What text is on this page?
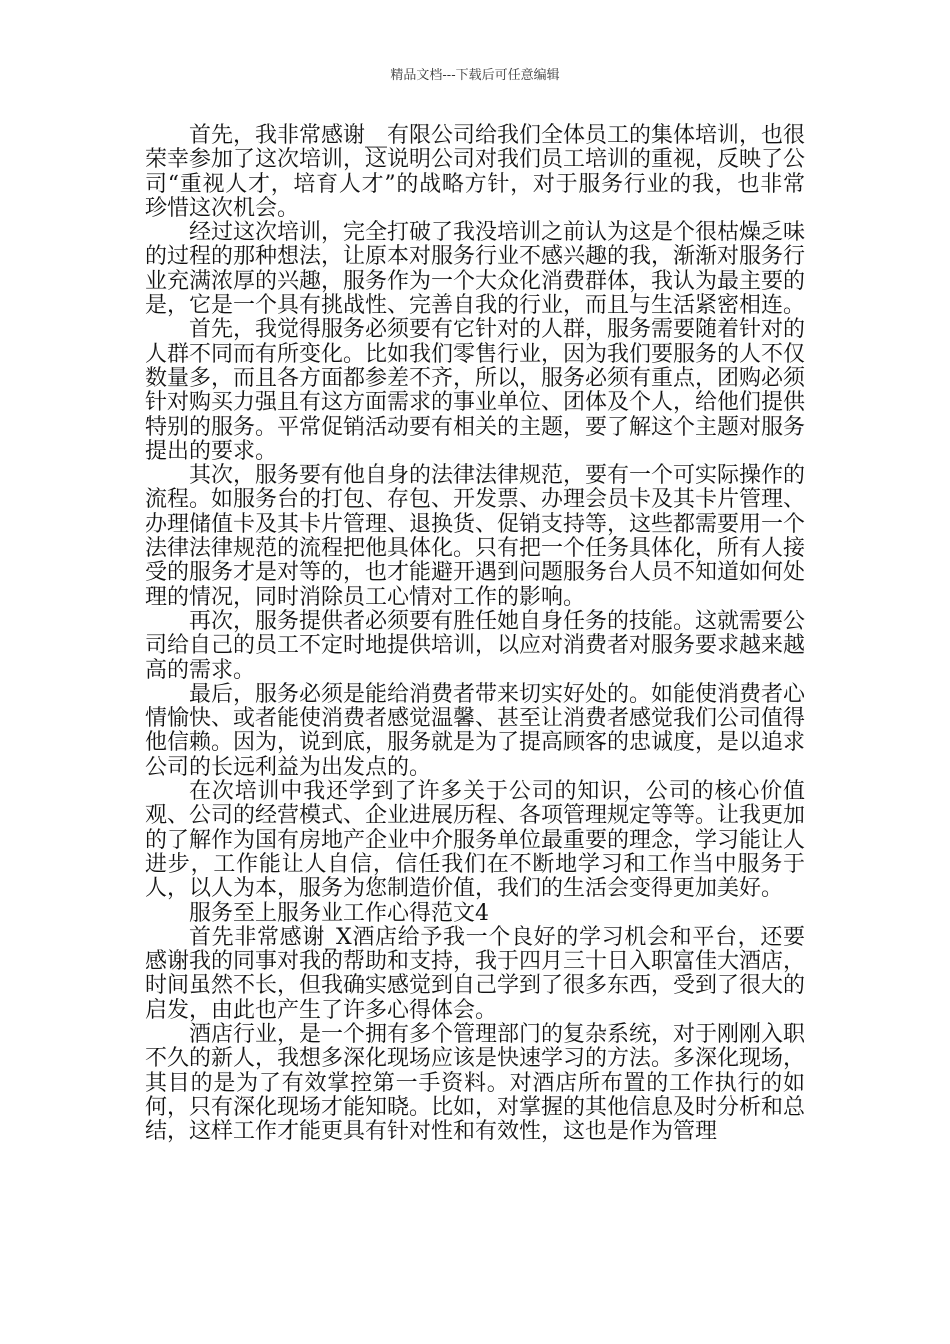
精品文档---下载后可任意编辑

首先，我非常感谢__有限公司给我们全体员工的集体培训，也很荣幸参加了这次培训，这说明公司对我们员工培训的重视，反映了公司“重视人才，培育人才”的战略方针，对于服务行业的我，也非常珍惜这次机会。

经过这次培训，完全打破了我没培训之前认为这是个很枯燥乏味的过程的那种想法，让原本对服务行业不感兴趣的我，渐渐对服务行业充满浓厚的兴趣，服务作为一个大众化消费群体，我认为最主要的是，它是一个具有挑战性、完善自我的行业，而且与生活紧密相连。

首先，我觉得服务必须要有它针对的人群，服务需要随着针对的人群不同而有所变化。比如我们零售行业，因为我们要服务的人不仅数量多，而且各方面都参差不齐，所以，服务必须有重点，团购必须针对购买力强且有这方面需求的事业单位、团体及个人，给他们提供特别的服务。平常促销活动要有相关的主题，要了解这个主题对服务提出的要求。

其次，服务要有他自身的法律法律规范，要有一个可实际操作的流程。如服务台的打包、存包、开发票、办理会员卡及其卡片管理、办理储值卡及其卡片管理、退换货、促销支持等，这些都需要用一个法律法律规范的流程把他具体化。只有把一个任务具体化，所有人接受的服务才是对等的，也才能避开遇到问题服务台人员不知道如何处理的情况，同时消除员工心情对工作的影响。

再次，服务提供者必须要有胜任她自身任务的技能。这就需要公司给自己的员工不定时地提供培训，以应对消费者对服务要求越来越高的需求。

最后，服务必须是能给消费者带来切实好处的。如能使消费者心情愉快、或者能使消费者感觉温馨、甚至让消费者感觉我们公司值得他信赖。因为，说到底，服务就是为了提高顾客的忠诚度，是以追求公司的长远利益为出发点的。

在次培训中我还学到了许多关于公司的知识，公司的核心价值观、公司的经营模式、企业进展历程、各项管理规定等等。让我更加的了解作为国有房地产企业中介服务单位最重要的理念，学习能让人进步，工作能让人自信，信任我们在不断地学习和工作当中服务于人，以人为本，服务为您制造价值，我们的生活会变得更加美好。

服务至上服务业工作心得范文4

首先非常感谢_X酒店给予我一个良好的学习机会和平台，还要感谢我的同事对我的帮助和支持，我于四月三十日入职富佳大酒店，时间虽然不长，但我确实感觉到自己学到了很多东西，受到了很大的启发，由此也产生了许多心得体会。

酒店行业，是一个拥有多个管理部门的复杂系统，对于刚刚入职不久的新人，我想多深化现场应该是快速学习的方法。多深化现场，其目的是为了有效掌控第一手资料。对酒店所布置的工作执行的如何，只有深化现场才能知晓。比如，对掌握的其他信息及时分析和总结，这样工作才能更具有针对性和有效性，这也是作为管理
